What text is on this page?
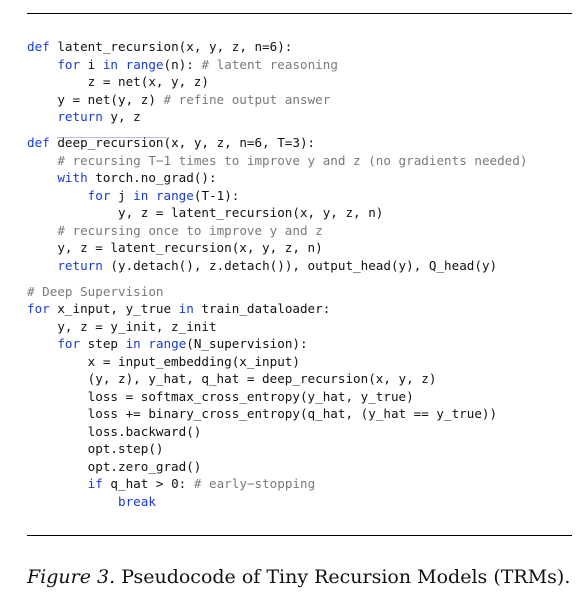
def latent_recursion(x, y, z, n=6):
for i in range(n): # latent reasoning
z = net(x, y, z)
y = net(y, z) # refine output answer
return y, z
def deep_recursion(x, y, z, n=6, T=3):
# recursing T−1 times to improve y and z (no gradients needed)
with torch.no_grad():
for j in range(T-1):
y, z = latent_recursion(x, y, z, n)
# recursing once to improve y and z
y, z = latent_recursion(x, y, z, n)
return (y.detach(), z.detach()), output_head(y), Q_head(y)
# Deep Supervision
for x_input, y_true in train_dataloader:
y, z = y_init, z_init
for step in range(N_supervision):
x = input_embedding(x_input)
(y, z), y_hat, q_hat = deep_recursion(x, y, z)
loss = softmax_cross_entropy(y_hat, y_true)
loss += binary_cross_entropy(q_hat, (y_hat == y_true))
loss.backward()
opt.step()
opt.zero_grad()
if q_hat > 0: # early−stopping
break
Figure 3. Pseudocode of Tiny Recursion Models (TRMs).
